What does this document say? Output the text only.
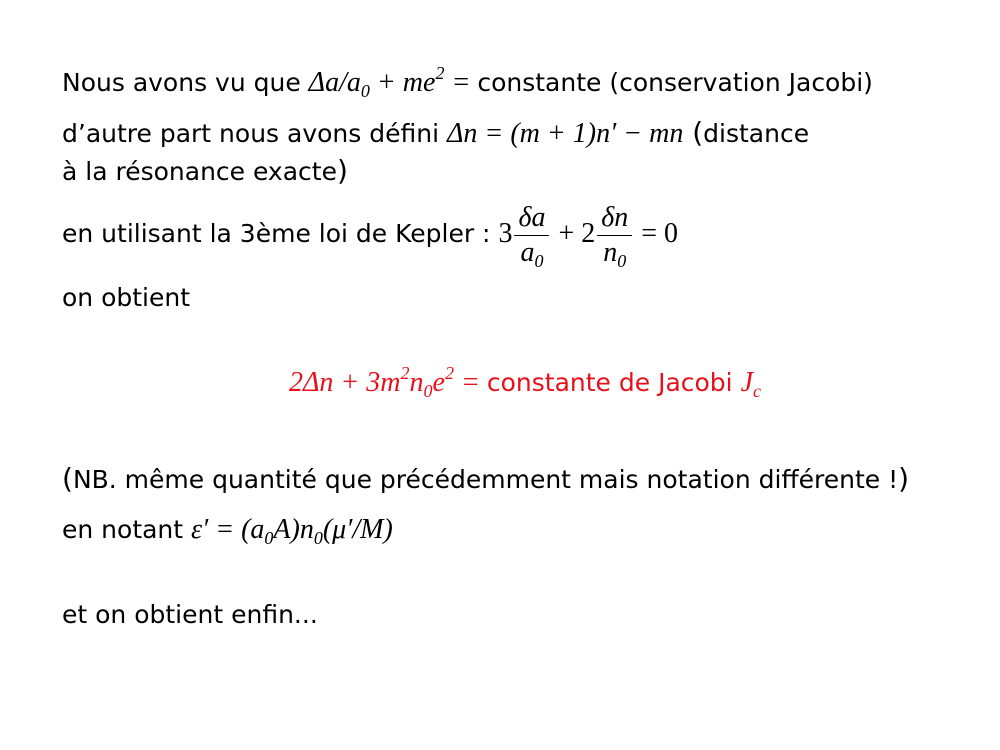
Nous avons vu que $\Delta a/a_0 + me^2$ = constante (conservation Jacobi)
d’autre part nous avons défini Δn = (m + 1)n′ − mn (distance
à la résonance exacte)
en utilisant la 3ème loi de Kepler : $3 \frac{\delta a}{a_0} + 2 \frac{\delta n}{n_0} = 0$
on obtient
$2\Delta n + 3m^2n_0e^2$ = constante de Jacobi $J_c$
(NB. même quantité que précédemment mais notation différente !)
en notant $\varepsilon' = (a_0A)n_0(\mu'/M)$
et on obtient enfin...
